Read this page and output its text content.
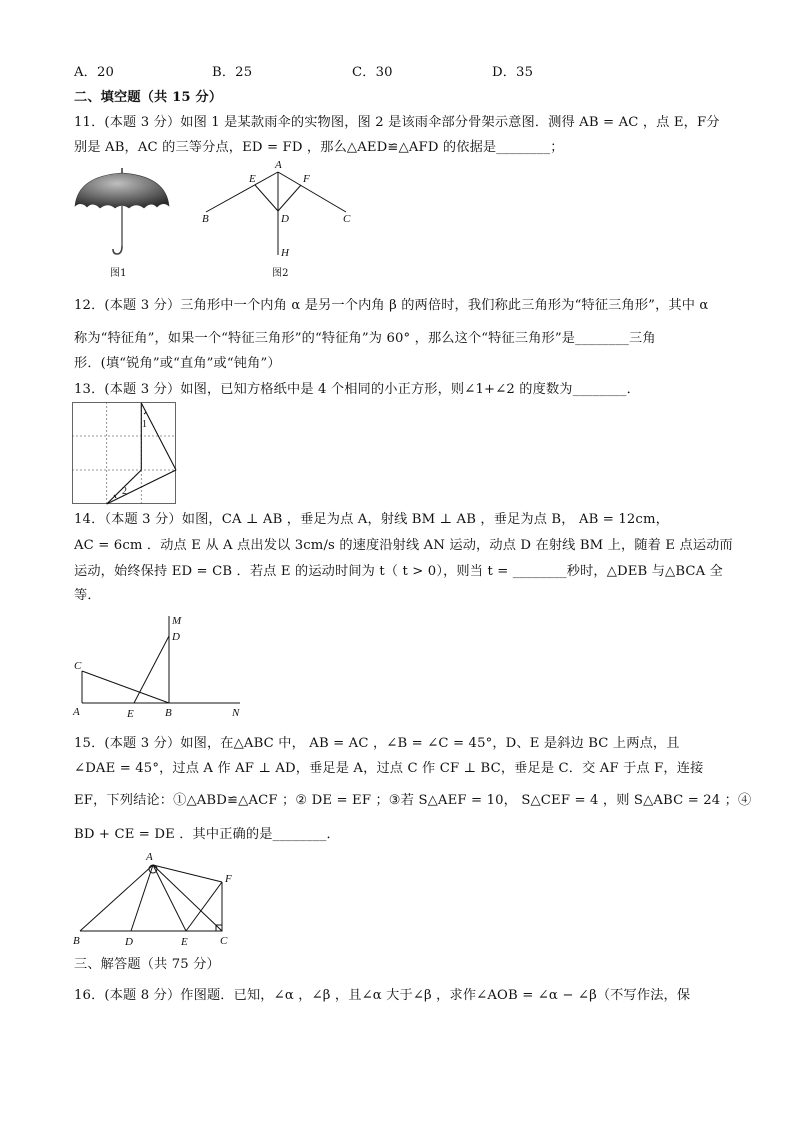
A．20	B．25	C．30	D．35
二、填空题（共 15 分）
11．(本题 3 分）如图 1 是某款雨伞的实物图，图 2 是该雨伞部分骨架示意图．测得 AB = AC ，点 E，F分
别是 AB，AC 的三等分点，ED = FD ，那么△AED≌△AFD 的依据是________；
图1
A
E	F
B	D	C
H
图2
12．(本题 3 分）三角形中一个内角 α 是另一个内角 β 的两倍时，我们称此三角形为“特征三角形”，其中 α
称为“特征角”，如果一个“特征三角形”的“特征角”为 60° ，那么这个“特征三角形”是________三角
形．(填“锐角”或“直角”或“钝角”）
13．(本题 3 分）如图，已知方格纸中是 4 个相同的小正方形，则∠1+∠2 的度数为________．
1
2
14．（本题 3 分）如图，CA ⊥ AB ，垂足为点 A，射线 BM ⊥ AB ，垂足为点 B， AB = 12cm，
AC = 6cm ．动点 E 从 A 点出发以 3cm/s 的速度沿射线 AN 运动，动点 D 在射线 BM 上，随着 E 点运动而
运动，始终保持 ED = CB ．若点 E 的运动时间为 t（ t > 0），则当 t = ________秒时，△DEB 与△BCA 全
等．
M
D
C
A	E	B	N
15．(本题 3 分）如图，在△ABC 中， AB = AC ，∠B = ∠C = 45°，D、E 是斜边 BC 上两点，且
∠DAE = 45°，过点 A 作 AF ⊥ AD，垂足是 A，过点 C 作 CF ⊥ BC，垂足是 C．交 AF 于点 F，连接
EF，下列结论：①△ABD≌△ACF ；② DE = EF ；③若 S△AEF = 10， S△CEF = 4 ，则 S△ABC = 24 ；④
BD + CE = DE ．其中正确的是________．
A
F
B	D	E	C
三、解答题（共 75 分）
16．(本题 8 分）作图题．已知，∠α ，∠β ，且∠α 大于∠β ，求作∠AOB = ∠α − ∠β（不写作法，保
